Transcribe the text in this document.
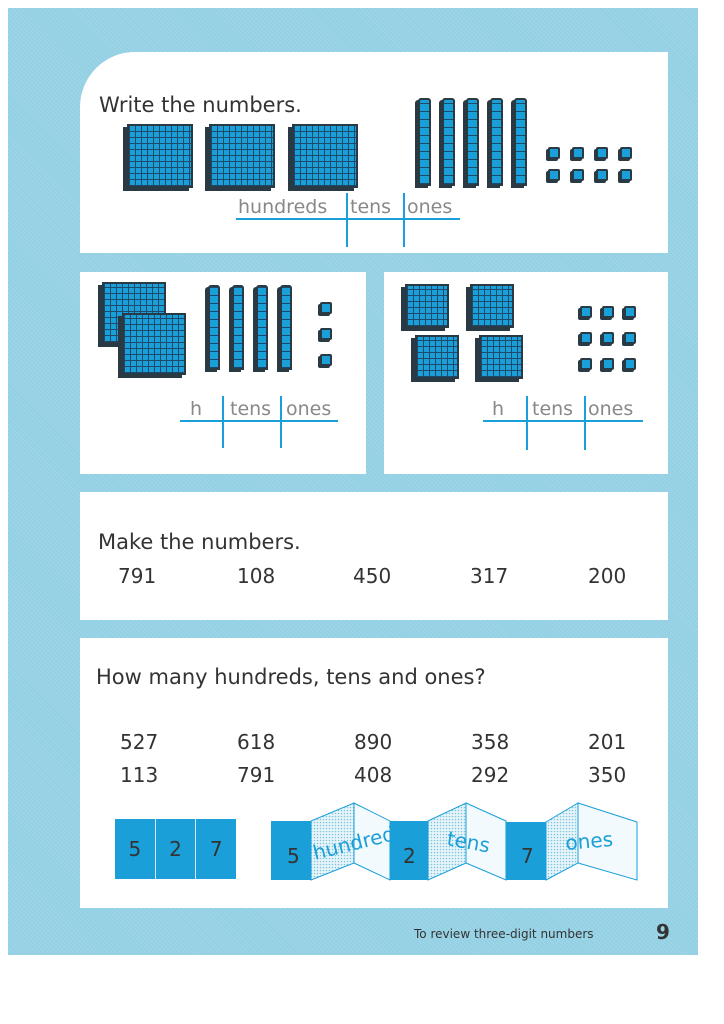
Write the numbers.
hundreds tens ones
h tens ones	h tens ones
Make the numbers.
791	108	450	317	200
How many hundreds, tens and ones?
527	618	890	358	201
113	791	408	292	350
5	2	7	5	2	7
hundreds tens	ones
To review three-digit numbers	9
